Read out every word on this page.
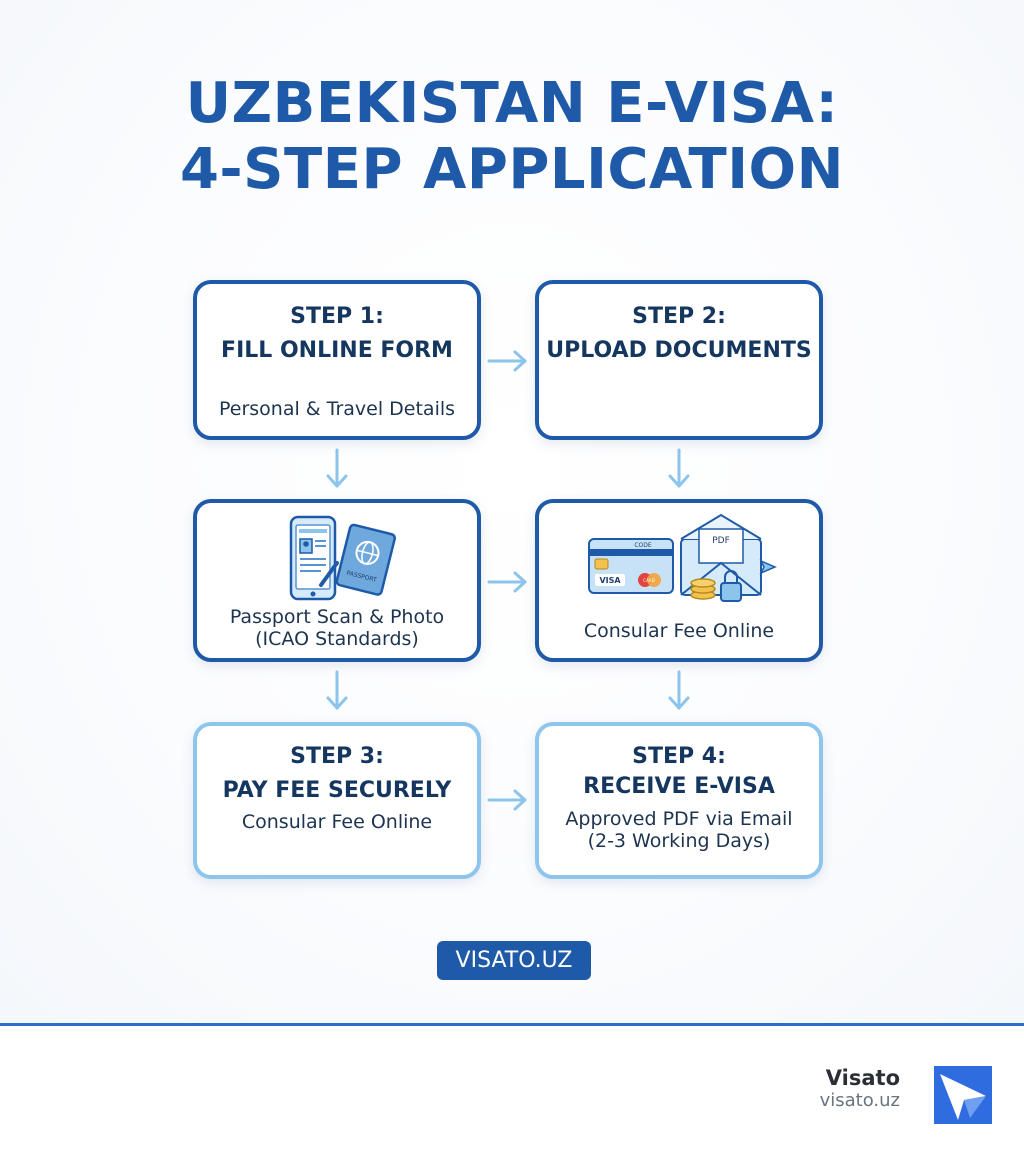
UZBEKISTAN E-VISA:
4-STEP APPLICATION
STEP 1:
FILL ONLINE FORM
Personal & Travel Details
STEP 2:
UPLOAD DOCUMENTS
PASSPORT
Passport Scan & Photo
(ICAO Standards)
CODE
VISA	CARD
PDF
Consular Fee Online
STEP 3:
PAY FEE SECURELY
Consular Fee Online
STEP 4:
RECEIVE E-VISA
Approved PDF via Email
(2-3 Working Days)
VISATO.UZ
Visato
visato.uz
